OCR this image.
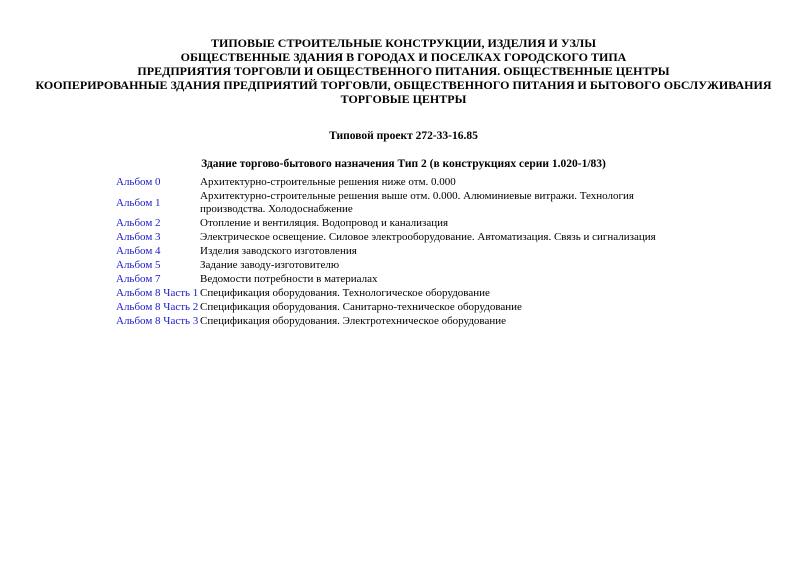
ТИПОВЫЕ СТРОИТЕЛЬНЫЕ КОНСТРУКЦИИ, ИЗДЕЛИЯ И УЗЛЫ
ОБЩЕСТВЕННЫЕ ЗДАНИЯ В ГОРОДАХ И ПОСЕЛКАХ ГОРОДСКОГО ТИПА
ПРЕДПРИЯТИЯ ТОРГОВЛИ И ОБЩЕСТВЕННОГО ПИТАНИЯ. ОБЩЕСТВЕННЫЕ ЦЕНТРЫ
КООПЕРИРОВАННЫЕ ЗДАНИЯ ПРЕДПРИЯТИЙ ТОРГОВЛИ, ОБЩЕСТВЕННОГО ПИТАНИЯ И БЫТОВОГО ОБСЛУЖИВАНИЯ
ТОРГОВЫЕ ЦЕНТРЫ
Типовой проект 272-33-16.85
Здание торгово-бытового назначения Тип 2 (в конструкциях серии 1.020-1/83)
Альбом 0	Архитектурно-строительные решения ниже отм. 0.000
Альбом 1	Архитектурно-строительные решения выше отм. 0.000. Алюминиевые витражи. Технология производства. Холодоснабжение
Альбом 2	Отопление и вентиляция. Водопровод и канализация
Альбом 3	Электрическое освещение. Силовое электрооборудование. Автоматизация. Связь и сигнализация
Альбом 4	Изделия заводского изготовления
Альбом 5	Задание заводу-изготовителю
Альбом 7	Ведомости потребности в материалах
Альбом 8 Часть 1	Спецификация оборудования. Технологическое оборудование
Альбом 8 Часть 2	Спецификация оборудования. Санитарно-техническое оборудование
Альбом 8 Часть 3	Спецификация оборудования. Электротехническое оборудование
